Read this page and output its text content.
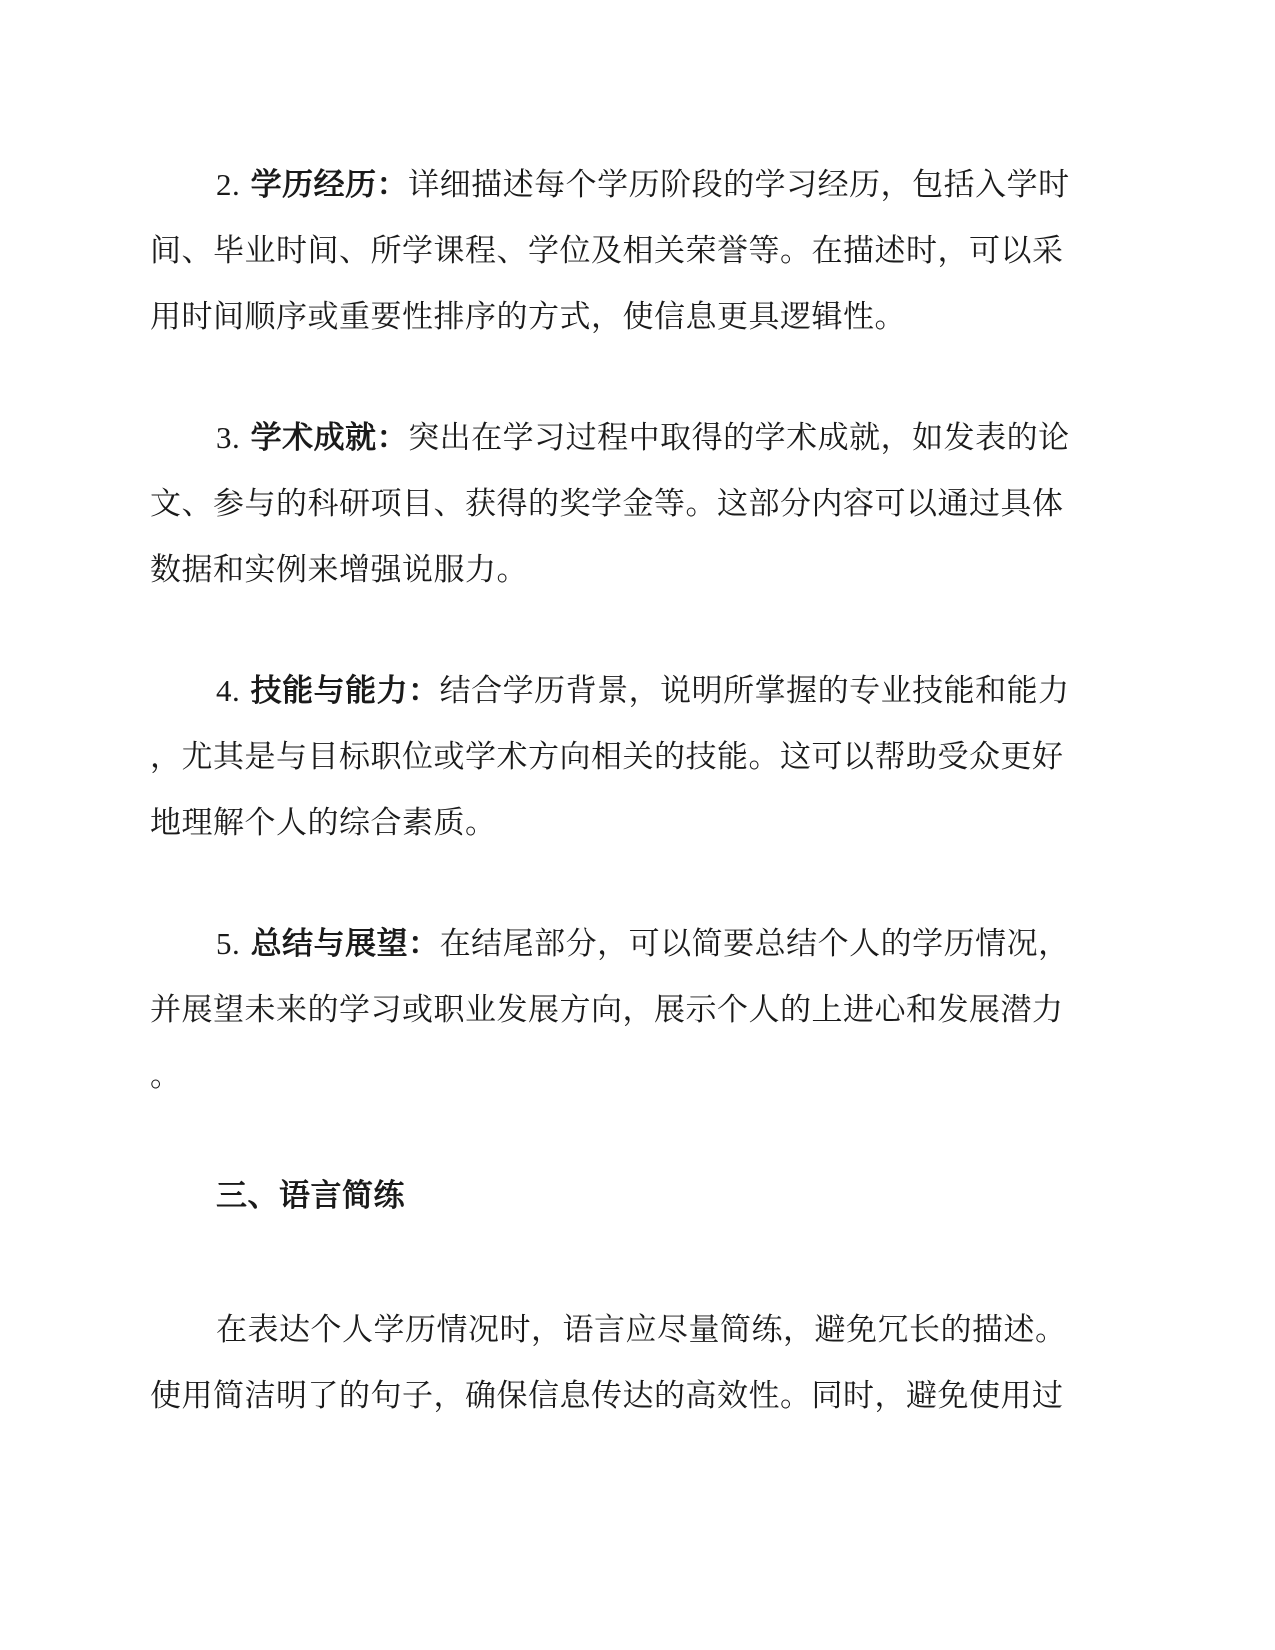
2. 学历经历：详细描述每个学历阶段的学习经历，包括入学时
间、毕业时间、所学课程、学位及相关荣誉等。在描述时，可以采
用时间顺序或重要性排序的方式，使信息更具逻辑性。
3. 学术成就：突出在学习过程中取得的学术成就，如发表的论
文、参与的科研项目、获得的奖学金等。这部分内容可以通过具体
数据和实例来增强说服力。
4. 技能与能力：结合学历背景，说明所掌握的专业技能和能力
，尤其是与目标职位或学术方向相关的技能。这可以帮助受众更好
地理解个人的综合素质。
5. 总结与展望：在结尾部分，可以简要总结个人的学历情况，
并展望未来的学习或职业发展方向，展示个人的上进心和发展潜力
。
三、语言简练
在表达个人学历情况时，语言应尽量简练，避免冗长的描述。
使用简洁明了的句子，确保信息传达的高效性。同时，避免使用过
